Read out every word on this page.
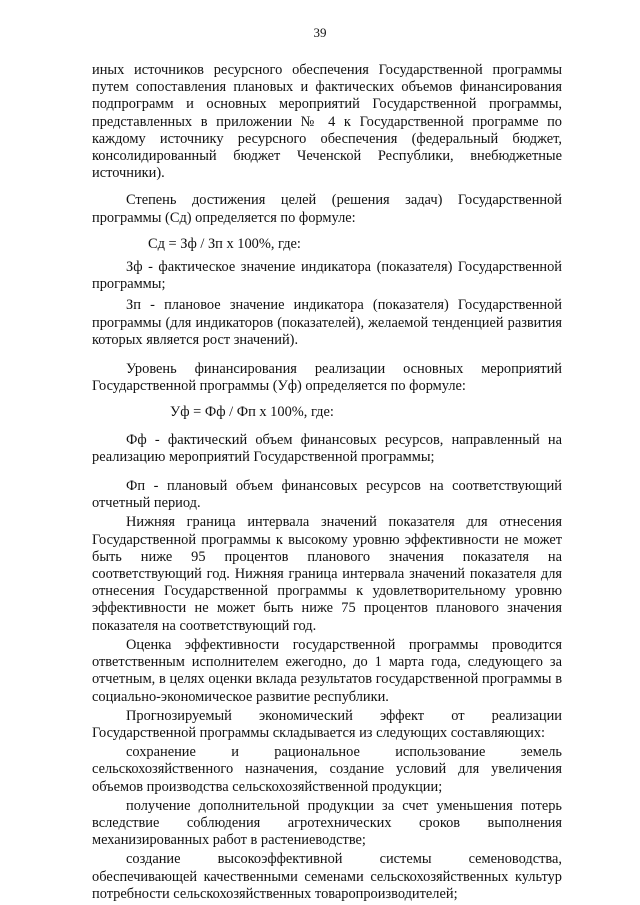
39

иных источников ресурсного обеспечения Государственной программы путем сопоставления плановых и фактических объемов финансирования подпрограмм и основных мероприятий Государственной программы, представленных в приложении № 4 к Государственной программе по каждому источнику ресурсного обеспечения (федеральный бюджет, консолидированный бюджет Чеченской Республики, внебюджетные источники).

Степень достижения целей (решения задач) Государственной программы (Сд) определяется по формуле:

Сд = Зф / Зп х 100%, где:

Зф - фактическое значение индикатора (показателя) Государственной программы;

Зп - плановое значение индикатора (показателя) Государственной программы (для индикаторов (показателей), желаемой тенденцией развития которых является рост значений).

Уровень финансирования реализации основных мероприятий Государственной программы (Уф) определяется по формуле:

Уф = Фф / Фп х 100%, где:

Фф - фактический объем финансовых ресурсов, направленный на реализацию мероприятий Государственной программы;

Фп - плановый объем финансовых ресурсов на соответствующий отчетный период.

Нижняя граница интервала значений показателя для отнесения Государственной программы к высокому уровню эффективности не может быть ниже 95 процентов планового значения показателя на соответствующий год. Нижняя граница интервала значений показателя для отнесения Государственной программы к удовлетворительному уровню эффективности не может быть ниже 75 процентов планового значения показателя на соответствующий год.

Оценка эффективности государственной программы проводится ответственным исполнителем ежегодно, до 1 марта года, следующего за отчетным, в целях оценки вклада результатов государственной программы в социально-экономическое развитие республики.

Прогнозируемый экономический эффект от реализации Государственной программы складывается из следующих составляющих:

сохранение и рациональное использование земель сельскохозяйственного назначения, создание условий для увеличения объемов производства сельскохозяйственной продукции;

получение дополнительной продукции за счет уменьшения потерь вследствие соблюдения агротехнических сроков выполнения механизированных работ в растениеводстве;

создание высокоэффективной системы семеноводства, обеспечивающей качественными семенами сельскохозяйственных культур потребности сельскохозяйственных товаропроизводителей;
